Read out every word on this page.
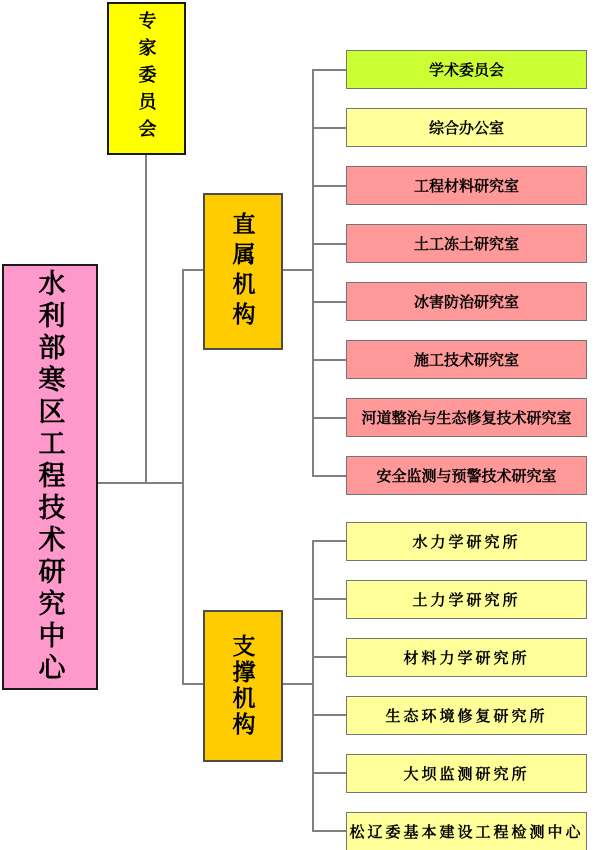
专家委员会
水利部寒区工程技术研究中心	直属机构
支撑机构
学术委员会
综合办公室
工程材料研究室
土工冻土研究室
冰害防治研究室
施工技术研究室
河道整治与生态修复技术研究室
安全监测与预警技术研究室
水力学研究所
土力学研究所
材料力学研究所
生态环境修复研究所
大坝监测研究所
松辽委基本建设工程检测中心
